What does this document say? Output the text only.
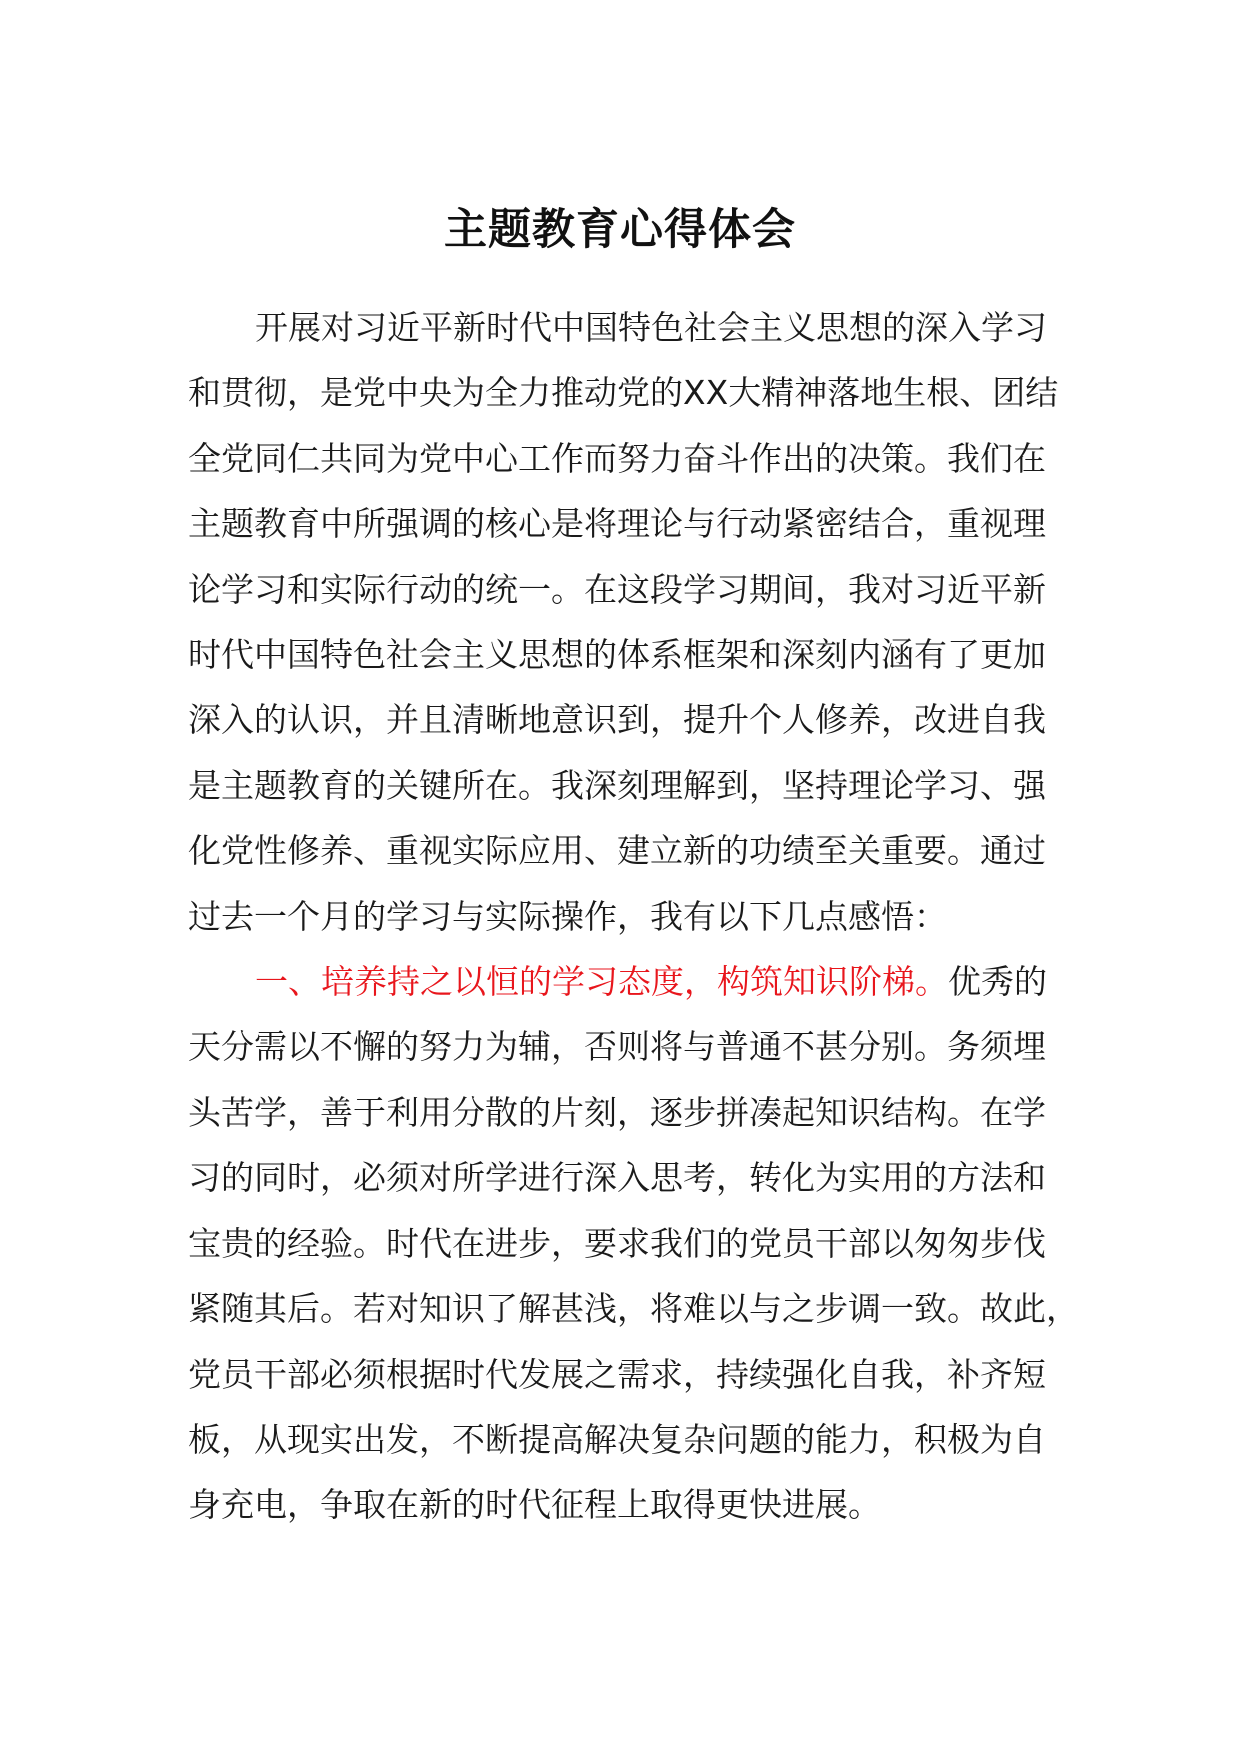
主题教育心得体会
开展对习近平新时代中国特色社会主义思想的深入学习
和贯彻，是党中央为全力推动党的XX大精神落地生根、团结
全党同仁共同为党中心工作而努力奋斗作出的决策。我们在
主题教育中所强调的核心是将理论与行动紧密结合，重视理
论学习和实际行动的统一。在这段学习期间，我对习近平新
时代中国特色社会主义思想的体系框架和深刻内涵有了更加
深入的认识，并且清晰地意识到，提升个人修养，改进自我
是主题教育的关键所在。我深刻理解到，坚持理论学习、强
化党性修养、重视实际应用、建立新的功绩至关重要。通过
过去一个月的学习与实际操作，我有以下几点感悟：
一、培养持之以恒的学习态度，构筑知识阶梯。优秀的
天分需以不懈的努力为辅，否则将与普通不甚分别。务须埋
头苦学，善于利用分散的片刻，逐步拼凑起知识结构。在学
习的同时，必须对所学进行深入思考，转化为实用的方法和
宝贵的经验。时代在进步，要求我们的党员干部以匆匆步伐
紧随其后。若对知识了解甚浅，将难以与之步调一致。故此，
党员干部必须根据时代发展之需求，持续强化自我，补齐短
板，从现实出发，不断提高解决复杂问题的能力，积极为自
身充电，争取在新的时代征程上取得更快进展。
